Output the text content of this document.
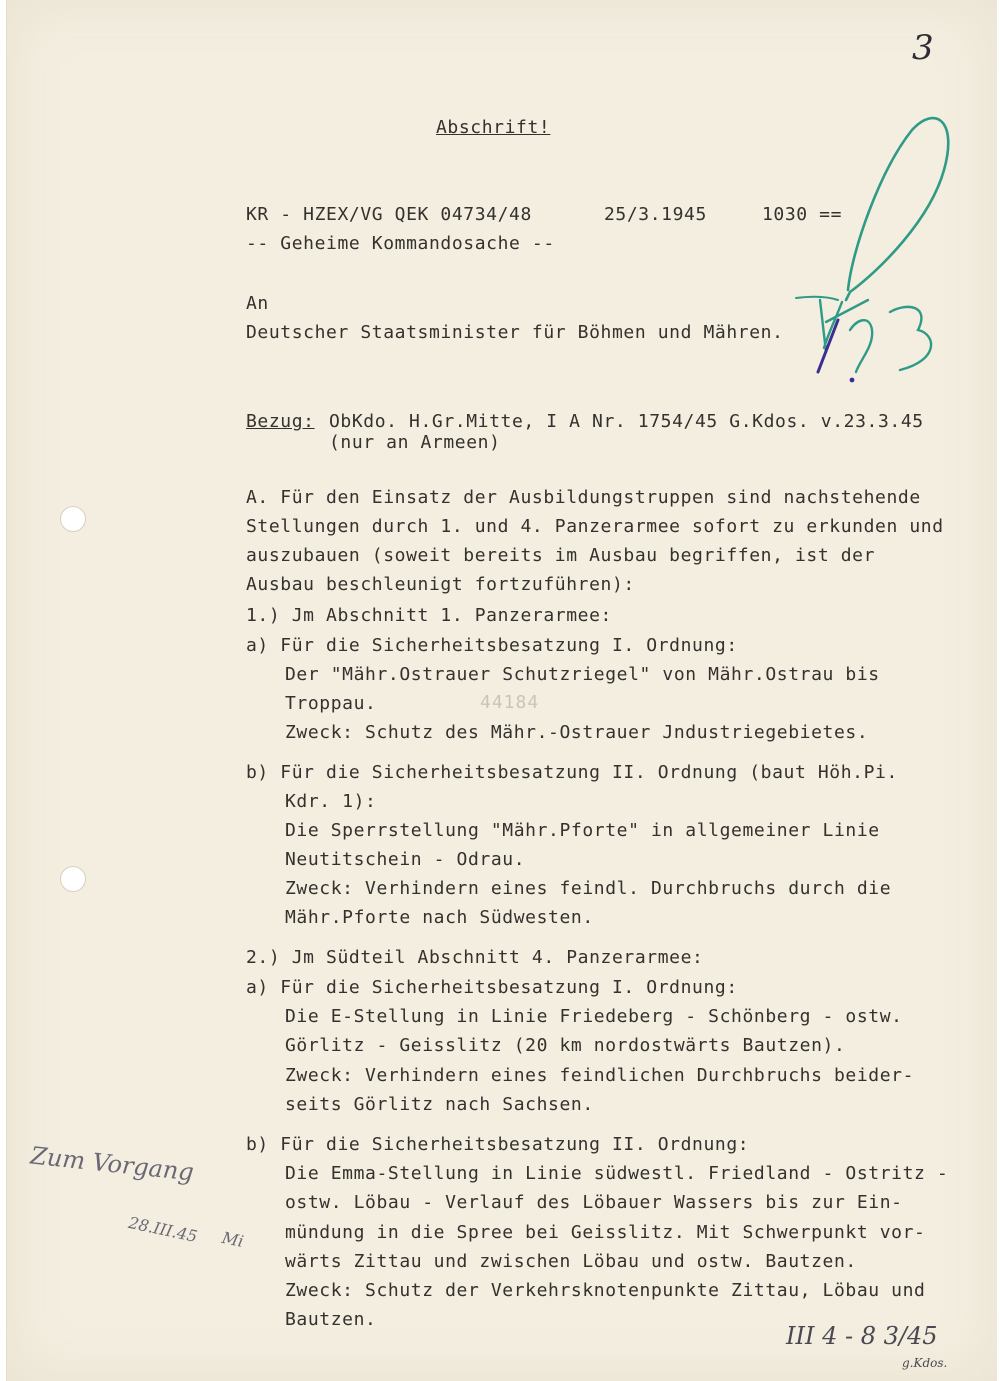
3
Abschrift!
KR - HZEX/VG QEK 04734/48	25/3.1945	1030 ==
-- Geheime Kommandosache --
An
Deutscher Staatsminister für Böhmen und Mähren.
Bezug: ObKdo. H.Gr.Mitte, I A Nr. 1754/45 G.Kdos. v.23.3.45
(nur an Armeen)
A. Für den Einsatz der Ausbildungstruppen sind nachstehende
Stellungen durch 1. und 4. Panzerarmee sofort zu erkunden und
auszubauen (soweit bereits im Ausbau begriffen, ist der
Ausbau beschleunigt fortzuführen):
1.) Jm Abschnitt 1. Panzerarmee:
a) Für die Sicherheitsbesatzung I. Ordnung:
Der "Mähr.Ostrauer Schutzriegel" von Mähr.Ostrau bis
Troppau.
Zweck: Schutz des Mähr.-Ostrauer Jndustriegebietes.
b) Für die Sicherheitsbesatzung II. Ordnung (baut Höh.Pi.
Kdr. 1):
Die Sperrstellung "Mähr.Pforte" in allgemeiner Linie
Neutitschein - Odrau.
Zweck: Verhindern eines feindl. Durchbruchs durch die
Mähr.Pforte nach Südwesten.
2.) Jm Südteil Abschnitt 4. Panzerarmee:
a) Für die Sicherheitsbesatzung I. Ordnung:
Die E-Stellung in Linie Friedeberg - Schönberg - ostw.
Görlitz - Geisslitz (20 km nordostwärts Bautzen).
Zweck: Verhindern eines feindlichen Durchbruchs beider-
seits Görlitz nach Sachsen.
b) Für die Sicherheitsbesatzung II. Ordnung:
Die Emma-Stellung in Linie südwestl. Friedland - Ostritz -
ostw. Löbau - Verlauf des Löbauer Wassers bis zur Ein-
mündung in die Spree bei Geisslitz. Mit Schwerpunkt vor-
wärts Zittau und zwischen Löbau und ostw. Bautzen.
Zweck: Schutz der Verkehrsknotenpunkte Zittau, Löbau und
Bautzen.
44184
Zum Vorgang
28.III.45 Mi
III 4 - 8 3/45
g.Kdos.
